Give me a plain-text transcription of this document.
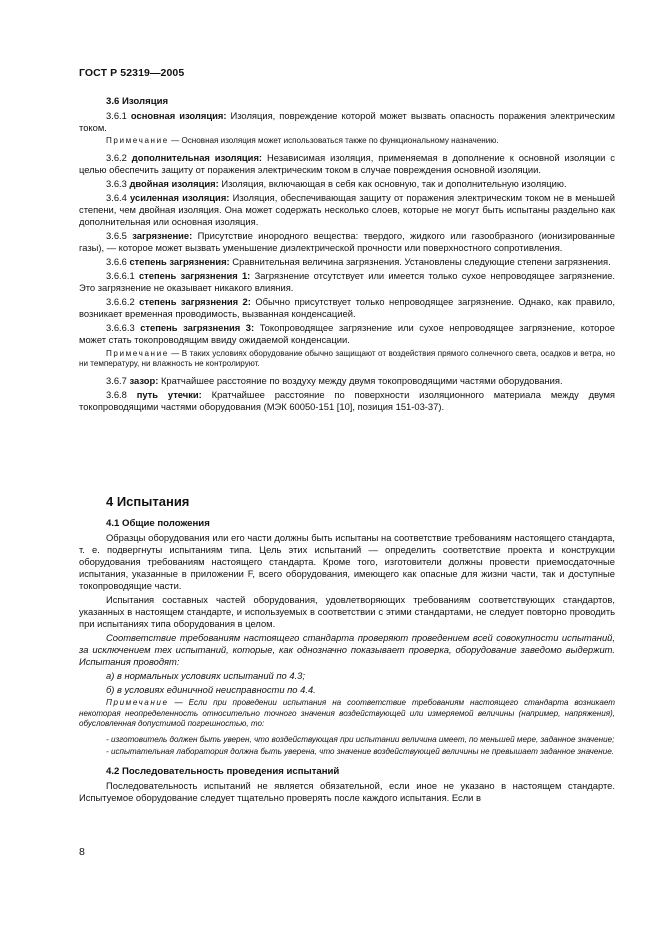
ГОСТ Р 52319—2005
3.6 Изоляция

3.6.1 основная изоляция: Изоляция, повреждение которой может вызвать опасность поражения электрическим током.

Примечание — Основная изоляция может использоваться также по функциональному назначению.

3.6.2 дополнительная изоляция: Независимая изоляция, применяемая в дополнение к основной изоляции с целью обеспечить защиту от поражения электрическим током в случае повреждения основной изоляции.

3.6.3 двойная изоляция: Изоляция, включающая в себя как основную, так и дополнительную изоляцию.

3.6.4 усиленная изоляция: Изоляция, обеспечивающая защиту от поражения электрическим током не в меньшей степени, чем двойная изоляция. Она может содержать несколько слоев, которые не могут быть испытаны раздельно как дополнительная или основная изоляция.

3.6.5 загрязнение: Присутствие инородного вещества: твердого, жидкого или газообразного (ионизированные газы), — которое может вызвать уменьшение диэлектрической прочности или поверхностного сопротивления.

3.6.6 степень загрязнения: Сравнительная величина загрязнения. Установлены следующие степени загрязнения.

3.6.6.1 степень загрязнения 1: Загрязнение отсутствует или имеется только сухое непроводящее загрязнение. Это загрязнение не оказывает никакого влияния.

3.6.6.2 степень загрязнения 2: Обычно присутствует только непроводящее загрязнение. Однако, как правило, возникает временная проводимость, вызванная конденсацией.

3.6.6.3 степень загрязнения 3: Токопроводящее загрязнение или сухое непроводящее загрязнение, которое может стать токопроводящим ввиду ожидаемой конденсации.

Примечание — В таких условиях оборудование обычно защищают от воздействия прямого солнечного света, осадков и ветра, но ни температуру, ни влажность не контролируют.

3.6.7 зазор: Кратчайшее расстояние по воздуху между двумя токопроводящими частями оборудования.

3.6.8 путь утечки: Кратчайшее расстояние по поверхности изоляционного материала между двумя токопроводящими частями оборудования (МЭК 60050-151 [10], позиция 151-03-37).

4 Испытания
4.1 Общие положения

Образцы оборудования или его части должны быть испытаны на соответствие требованиям настоящего стандарта, т. е. подвергнуты испытаниям типа. Цель этих испытаний — определить соответствие проекта и конструкции оборудования требованиям настоящего стандарта. Кроме того, изготовители должны провести приемосдаточные испытания, указанные в приложении F, всего оборудования, имеющего как опасные для жизни части, так и доступные токопроводящие части.

Испытания составных частей оборудования, удовлетворяющих требованиям соответствующих стандартов, указанных в настоящем стандарте, и используемых в соответствии с этими стандартами, не следует повторно проводить при испытаниях типа оборудования в целом.

Соответствие требованиям настоящего стандарта проверяют проведением всей совокупности испытаний, за исключением тех испытаний, которые, как однозначно показывает проверка, оборудование заведомо выдержит. Испытания проводят:

а) в нормальных условиях испытаний по 4.3;
б) в условиях единичной неисправности по 4.4.

Примечание — Если при проведении испытания на соответствие требованиям настоящего стандарта возникает некоторая неопределенность относительно точного значения воздействующей или измеряемой величины (например, напряжения), обусловленная допустимой погрешностью, то:

- изготовитель должен быть уверен, что воздействующая при испытании величина имеет, по меньшей мере, заданное значение;

- испытательная лаборатория должна быть уверена, что значение воздействующей величины не превышает заданное значение.

4.2 Последовательность проведения испытаний

Последовательность испытаний не является обязательной, если иное не указано в настоящем стандарте. Испытуемое оборудование следует тщательно проверять после каждого испытания. Если в

8
